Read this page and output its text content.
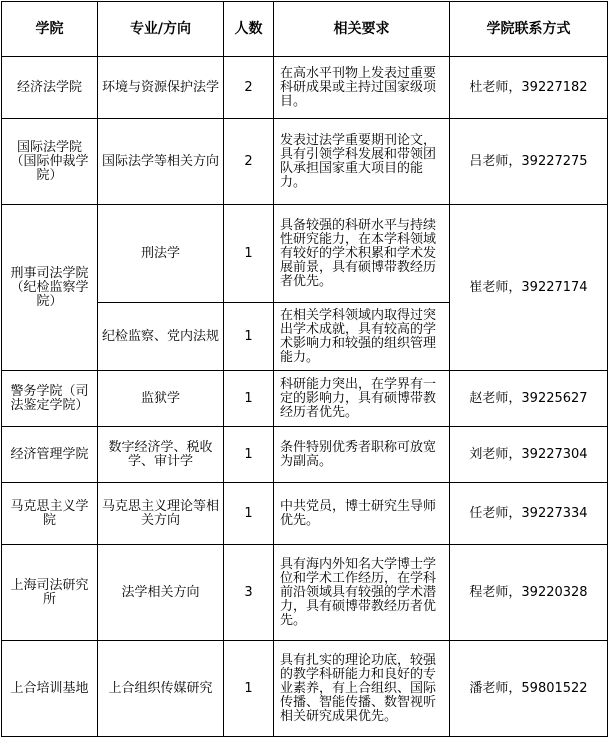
学院	专业/方向	人数	相关要求	学院联系方式
经济法学院	环境与资源保护法学	2	在高水平刊物上发表过重要科研成果或主持过国家级项目。	杜老师，39227182
国际法学院（国际仲裁学院）	国际法学等相关方向	2	发表过法学重要期刊论文，具有引领学科发展和带领团队承担国家重大项目的能力。	吕老师，39227275
刑事司法学院（纪检监察学院）	刑法学	1	具备较强的科研水平与持续性研究能力，在本学科领域有较好的学术积累和学术发展前景，具有硕博带教经历者优先。	崔老师，39227174
	纪检监察、党内法规	1	在相关学科领域内取得过突出学术成就，具有较高的学术影响力和较强的组织管理能力。	
警务学院（司法鉴定学院）	监狱学	1	科研能力突出，在学界有一定的影响力，具有硕博带教经历者优先。	赵老师，39225627
经济管理学院	数字经济学、税收学、审计学	1	条件特别优秀者职称可放宽为副高。	刘老师，39227304
马克思主义学院	马克思主义理论等相关方向	1	中共党员，博士研究生导师优先。	任老师，39227334
上海司法研究所	法学相关方向	3	具有海内外知名大学博士学位和学术工作经历，在学科前沿领域具有较强的学术潜力，具有硕博带教经历者优先。	程老师，39220328
上合培训基地	上合组织传媒研究	1	具有扎实的理论功底，较强的教学科研能力和良好的专业素养，有上合组织、国际传播、智能传播、数智视听相关研究成果优先。	潘老师，59801522
